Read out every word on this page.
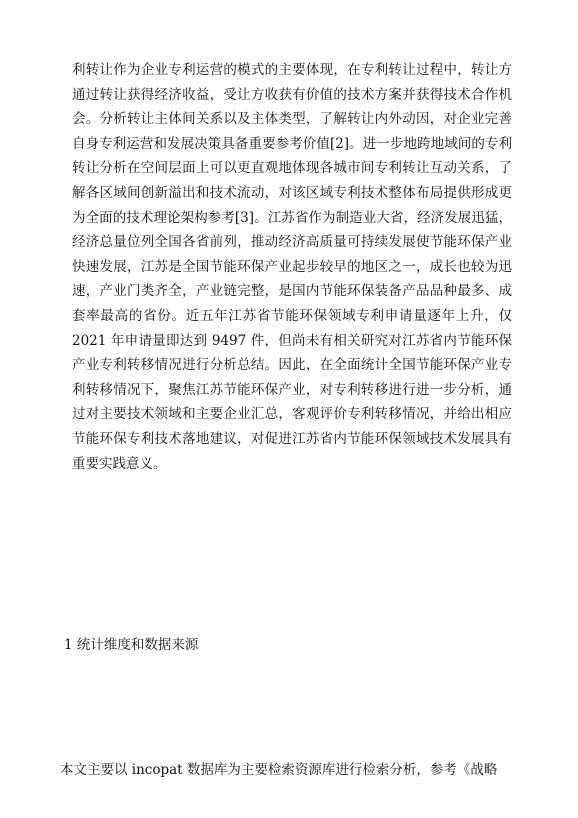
利转让作为企业专利运营的模式的主要体现，在专利转让过程中，转让方通过转让获得经济收益，受让方收获有价值的技术方案并获得技术合作机会。分析转让主体间关系以及主体类型，了解转让内外动因，对企业完善自身专利运营和发展决策具备重要参考价值[2]。进一步地跨地域间的专利转让分析在空间层面上可以更直观地体现各城市间专利转让互动关系，了解各区域间创新溢出和技术流动，对该区域专利技术整体布局提供形成更为全面的技术理论架构参考[3]。江苏省作为制造业大省，经济发展迅猛，经济总量位列全国各省前列，推动经济高质量可持续发展使节能环保产业快速发展，江苏是全国节能环保产业起步较早的地区之一，成长也较为迅速，产业门类齐全，产业链完整，是国内节能环保装备产品品种最多、成套率最高的省份。近五年江苏省节能环保领域专利申请量逐年上升，仅 2021 年申请量即达到 9497 件，但尚未有相关研究对江苏省内节能环保产业专利转移情况进行分析总结。因此，在全面统计全国节能环保产业专利转移情况下，聚焦江苏节能环保产业，对专利转移进行进一步分析，通过对主要技术领域和主要企业汇总，客观评价专利转移情况，并给出相应节能环保专利技术落地建议，对促进江苏省内节能环保领域技术发展具有重要实践意义。

1 统计维度和数据来源

本文主要以 incopat 数据库为主要检索资源库进行检索分析，参考《战略
